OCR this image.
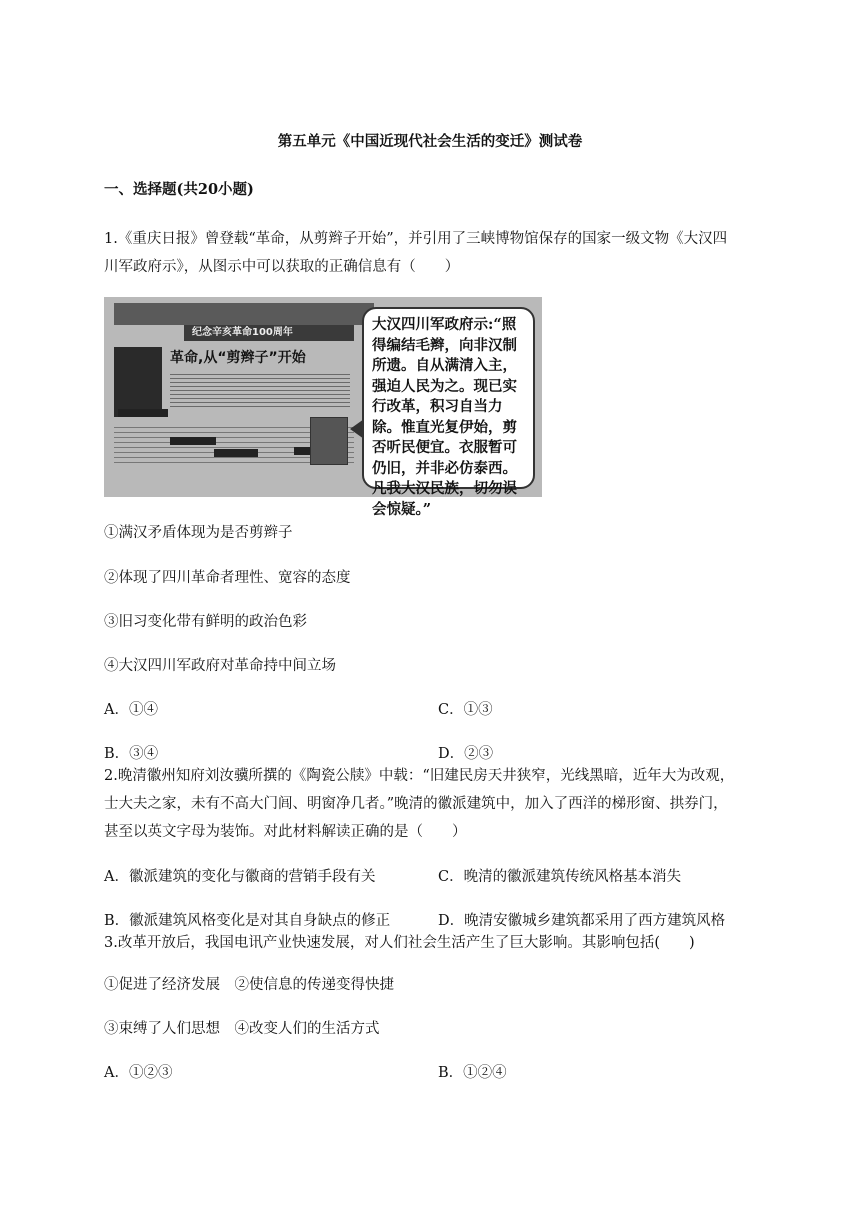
第五单元《中国近现代社会生活的变迁》测试卷
一、选择题(共20小题)
1.《重庆日报》曾登载“革命，从剪辫子开始”，并引用了三峡博物馆保存的国家一级文物《大汉四
川军政府示》，从图示中可以获取的正确信息有（　　）
纪念辛亥革命100周年
革命,从“剪辫子”开始
大汉四川军政府示:“照得编结毛辫，向非汉制所遗。自从满清入主，强迫人民为之。现已实行改革，积习自当力除。惟直光复伊始，剪否听民便宜。衣服暂可仍旧，并非必仿泰西。凡我大汉民族，切勿误会惊疑。”
①满汉矛盾体现为是否剪辫子
②体现了四川革命者理性、宽容的态度
③旧习变化带有鲜明的政治色彩
④大汉四川军政府对革命持中间立场
A．①④	C．①③
B．③④	D．②③
2.晚清徽州知府刘汝骥所撰的《陶瓷公牍》中载：“旧建民房天井狭窄，光线黑暗，近年大为改观，
士大夫之家，未有不高大门闾、明窗净几者。”晚清的徽派建筑中，加入了西洋的梯形窗、拱券门，
甚至以英文字母为装饰。对此材料解读正确的是（　　）
A．徽派建筑的变化与徽商的营销手段有关	C．晚清的徽派建筑传统风格基本消失
B．徽派建筑风格变化是对其自身缺点的修正	D．晚清安徽城乡建筑都采用了西方建筑风格
3.改革开放后，我国电讯产业快速发展，对人们社会生活产生了巨大影响。其影响包括(　　)
①促进了经济发展　②使信息的传递变得快捷
③束缚了人们思想　④改变人们的生活方式
A．①②③	B．①②④
